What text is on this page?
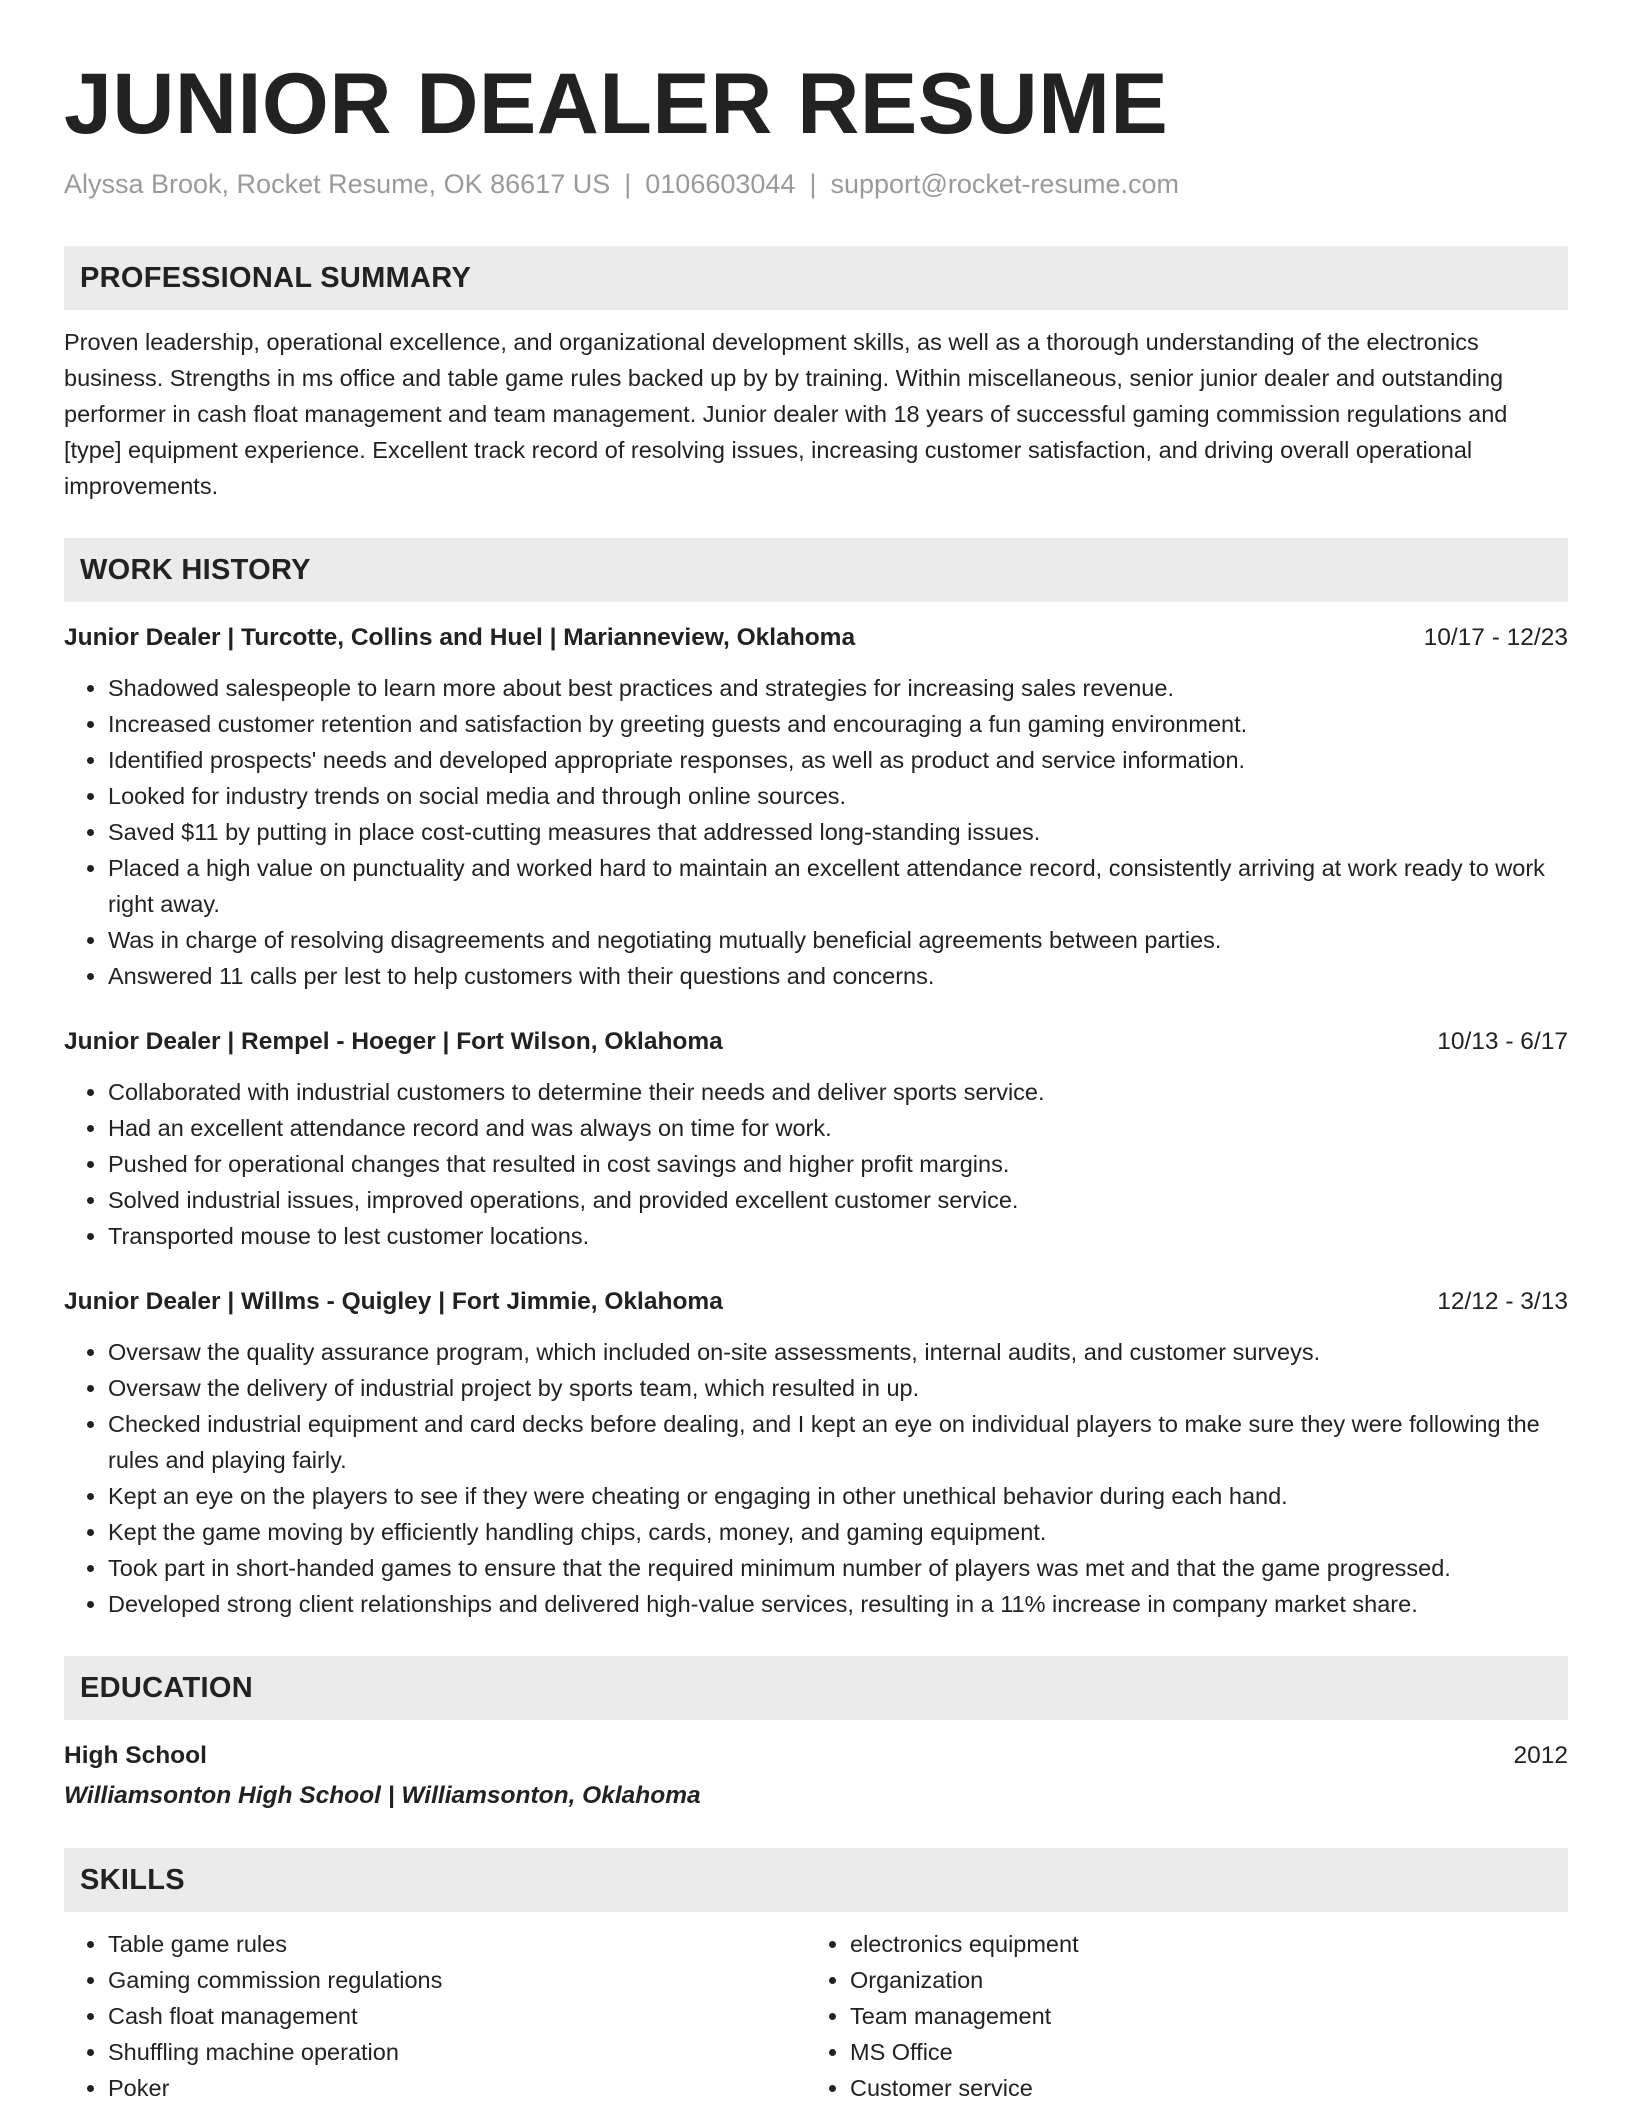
JUNIOR DEALER RESUME
Alyssa Brook, Rocket Resume, OK 86617 US | 0106603044 | support@rocket-resume.com
PROFESSIONAL SUMMARY
Proven leadership, operational excellence, and organizational development skills, as well as a thorough understanding of the electronics business. Strengths in ms office and table game rules backed up by by training. Within miscellaneous, senior junior dealer and outstanding performer in cash float management and team management. Junior dealer with 18 years of successful gaming commission regulations and [type] equipment experience. Excellent track record of resolving issues, increasing customer satisfaction, and driving overall operational improvements.
WORK HISTORY
Junior Dealer | Turcotte, Collins and Huel | Marianneview, Oklahoma	10/17 - 12/23
• Shadowed salespeople to learn more about best practices and strategies for increasing sales revenue.
• Increased customer retention and satisfaction by greeting guests and encouraging a fun gaming environment.
• Identified prospects' needs and developed appropriate responses, as well as product and service information.
• Looked for industry trends on social media and through online sources.
• Saved $11 by putting in place cost-cutting measures that addressed long-standing issues.
• Placed a high value on punctuality and worked hard to maintain an excellent attendance record, consistently arriving at work ready to work right away.
• Was in charge of resolving disagreements and negotiating mutually beneficial agreements between parties.
• Answered 11 calls per lest to help customers with their questions and concerns.
Junior Dealer | Rempel - Hoeger | Fort Wilson, Oklahoma	10/13 - 6/17
• Collaborated with industrial customers to determine their needs and deliver sports service.
• Had an excellent attendance record and was always on time for work.
• Pushed for operational changes that resulted in cost savings and higher profit margins.
• Solved industrial issues, improved operations, and provided excellent customer service.
• Transported mouse to lest customer locations.
Junior Dealer | Willms - Quigley | Fort Jimmie, Oklahoma	12/12 - 3/13
• Oversaw the quality assurance program, which included on-site assessments, internal audits, and customer surveys.
• Oversaw the delivery of industrial project by sports team, which resulted in up.
• Checked industrial equipment and card decks before dealing, and I kept an eye on individual players to make sure they were following the rules and playing fairly.
• Kept an eye on the players to see if they were cheating or engaging in other unethical behavior during each hand.
• Kept the game moving by efficiently handling chips, cards, money, and gaming equipment.
• Took part in short-handed games to ensure that the required minimum number of players was met and that the game progressed.
• Developed strong client relationships and delivered high-value services, resulting in a 11% increase in company market share.
EDUCATION
High School	2012
Williamsonton High School | Williamsonton, Oklahoma
SKILLS
• Table game rules
• Gaming commission regulations
• Cash float management
• Shuffling machine operation
• Poker
• electronics equipment
• Organization
• Team management
• MS Office
• Customer service
